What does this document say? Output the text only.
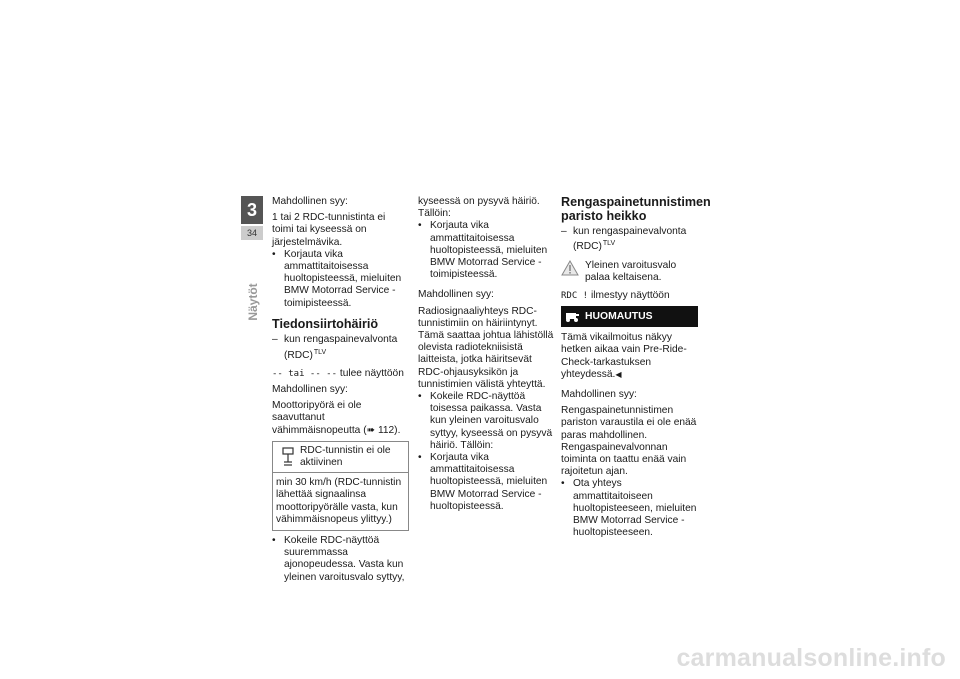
3
34
Näytöt
Mahdollinen syy:
1 tai 2 RDC-tunnistinta ei toimi tai kyseessä on järjestelmävika.
• Korjauta vika ammattitaitoisessa huoltopisteessä, mieluiten BMW Motorrad Service -toimipisteessä.
Tiedonsiirtohäiriö
– kun rengaspainevalvonta (RDC)$^{TLV}$
-- tai -- -- tulee näyttöön
Mahdollinen syy:
Moottoripyörä ei ole saavuttanut vähimmäisnopeutta (➠ 112).
RDC-tunnistin ei ole aktiivinen
min 30 km/h (RDC-tunnistin lähettää signaalinsa moottoripyörälle vasta, kun vähimmäisnopeus ylittyy.)
• Kokeile RDC-näyttöä suuremmassa ajonopeudessa. Vasta kun yleinen varoitusvalo syttyy,
kyseessä on pysyvä häiriö. Tällöin:
• Korjauta vika ammattitaitoisessa huoltopisteessä, mieluiten BMW Motorrad Service -toimipisteessä.
Mahdollinen syy:
Radiosignaaliyhteys RDC-tunnistimiin on häiriintynyt. Tämä saattaa johtua lähistöllä olevista radiotekniisistä laitteista, jotka häiritsevät RDC-ohjausyksikön ja tunnistimien välistä yhteyttä.
• Kokeile RDC-näyttöä toisessa paikassa. Vasta kun yleinen varoitusvalo syttyy, kyseessä on pysyvä häiriö. Tällöin:
• Korjauta vika ammattitaitoisessa huoltopisteessä, mieluiten BMW Motorrad Service -huoltopisteessä.
Rengaspainetunnistimen paristo heikko
– kun rengaspainevalvonta (RDC)$^{TLV}$
Yleinen varoitusvalo palaa keltaisena.
RDC ! ilmestyy näyttöön
HUOMAUTUS
Tämä vikailmoitus näkyy hetken aikaa vain Pre-Ride-Check-tarkastuksen yhteydessä.◀
Mahdollinen syy:
Rengaspainetunnistimen pariston varaustila ei ole enää paras mahdollinen. Rengaspainevalvonnan toiminta on taattu enää vain rajoitetun ajan.
• Ota yhteys ammattitaitoiseen huoltopisteeseen, mieluiten BMW Motorrad Service -huoltopisteeseen.
carmanualsonline.info
